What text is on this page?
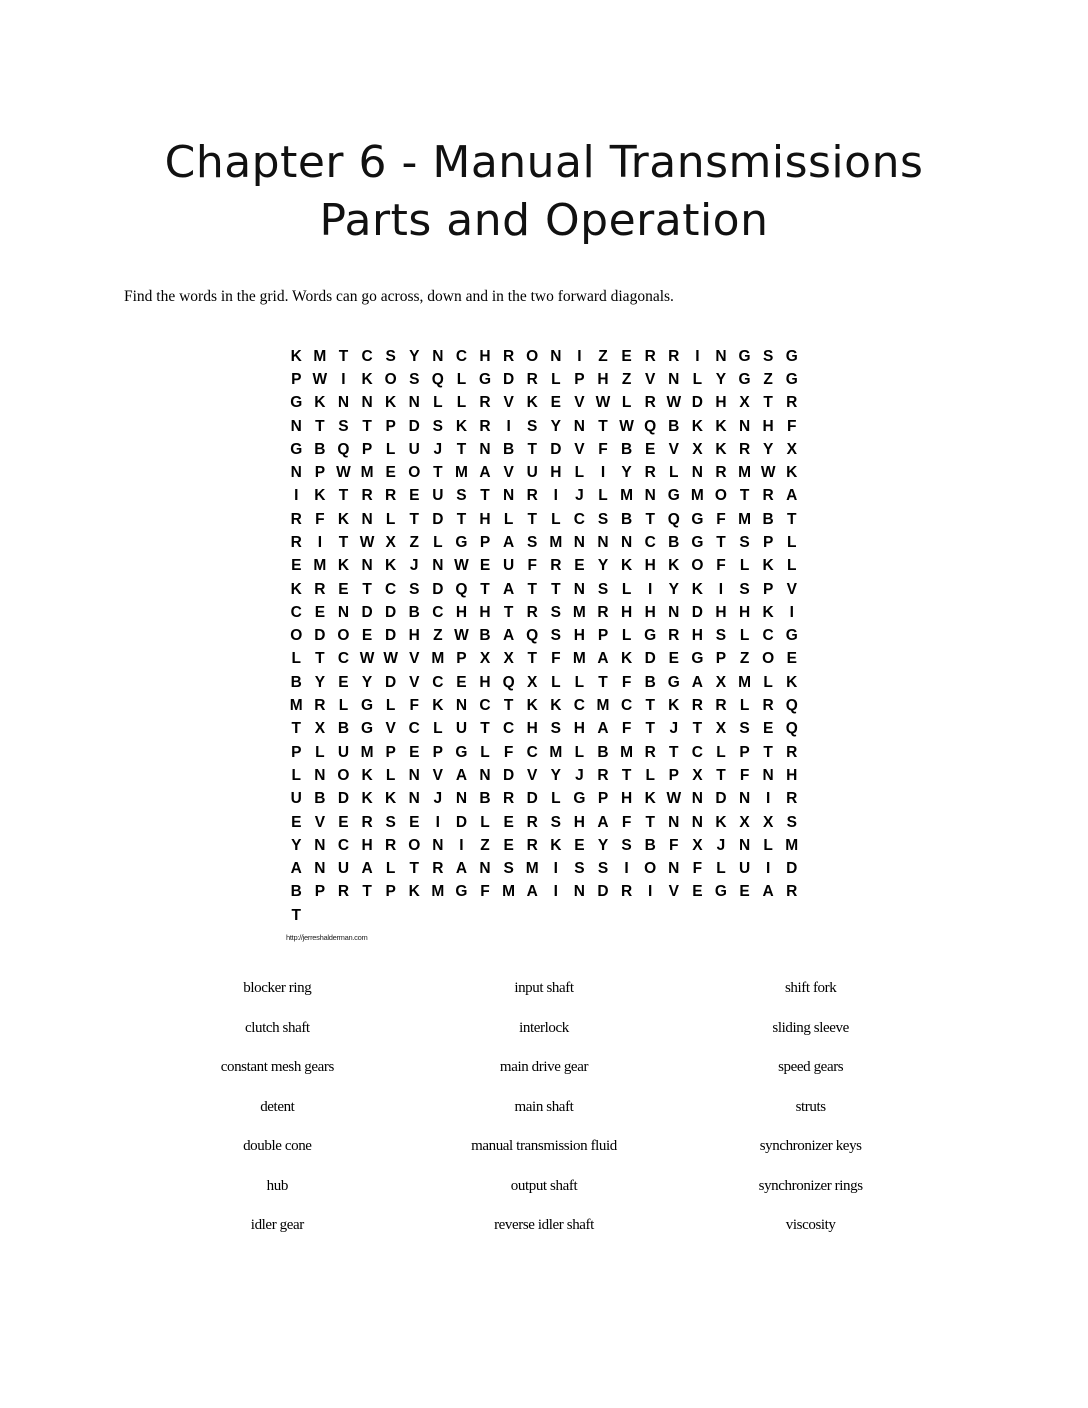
Chapter 6 - Manual Transmissions Parts and Operation

Find the words in the grid. Words can go across, down and in the two forward diagonals.

K M T C S Y N C H R O N	I	Z E R R	I	N G S G
P W I	K O S Q L G D R L P H Z V N L Y G Z G
G K N N K N L L R V K E V W L R W D H X T R
N T S T P D S K R	I	S Y N T W Q B K K N H F
G B Q P L U J T N B T D V F B E V X K R Y X
N P W M E O T M A V U H L	I	Y R L N R M W K
I	K T R R E U S T N R	I	J L M N G M O T R A
R F K N L T D T H L T L C S B T Q G F M B T
R	I	T W X Z L G P A S M N N N C B G T S P L
E M K N K J N W E U F R E Y K H K O F L K L
K R E T C S D Q T A T T N S L	I	Y K	I	S P V
C E N D D B C H H T R S M R H H N D H H K	I
O D O E D H Z W B A Q S H P L G R H S L C G
L T C W W V M P X X T F M A K D E G P Z O E
B Y E Y D V C E H Q X L L T F B G A X M L K
M R L G L F K N C T K K C M C T K R R L R Q
T X B G V C L U T C H S H A F T J T X S E Q
P L U M P E P G L F C M L B M R T C L P T R
L N O K L N V A N D V Y J R T L P X T F N H
U B D K K N J N B R D L G P H K W N D N	I	R
E V E R S E	I	D L E R S H A F T N N K X X S
Y N C H R O N	I	Z E R K E Y S B F X J N L M
A N U A L T R A N S M I	S S	I O N F L U	I	D
B P R T P K M G F M A	I	N D R	I	V E G E A R
T
http://jerreshalderman.com
blocker ring	input shaft	shift fork
clutch shaft	interlock	sliding sleeve
constant mesh gears	main drive gear	speed gears
detent	main shaft	struts
double cone	manual transmission fluid	synchronizer keys
hub	output shaft	synchronizer rings
idler gear	reverse idler shaft	viscosity
